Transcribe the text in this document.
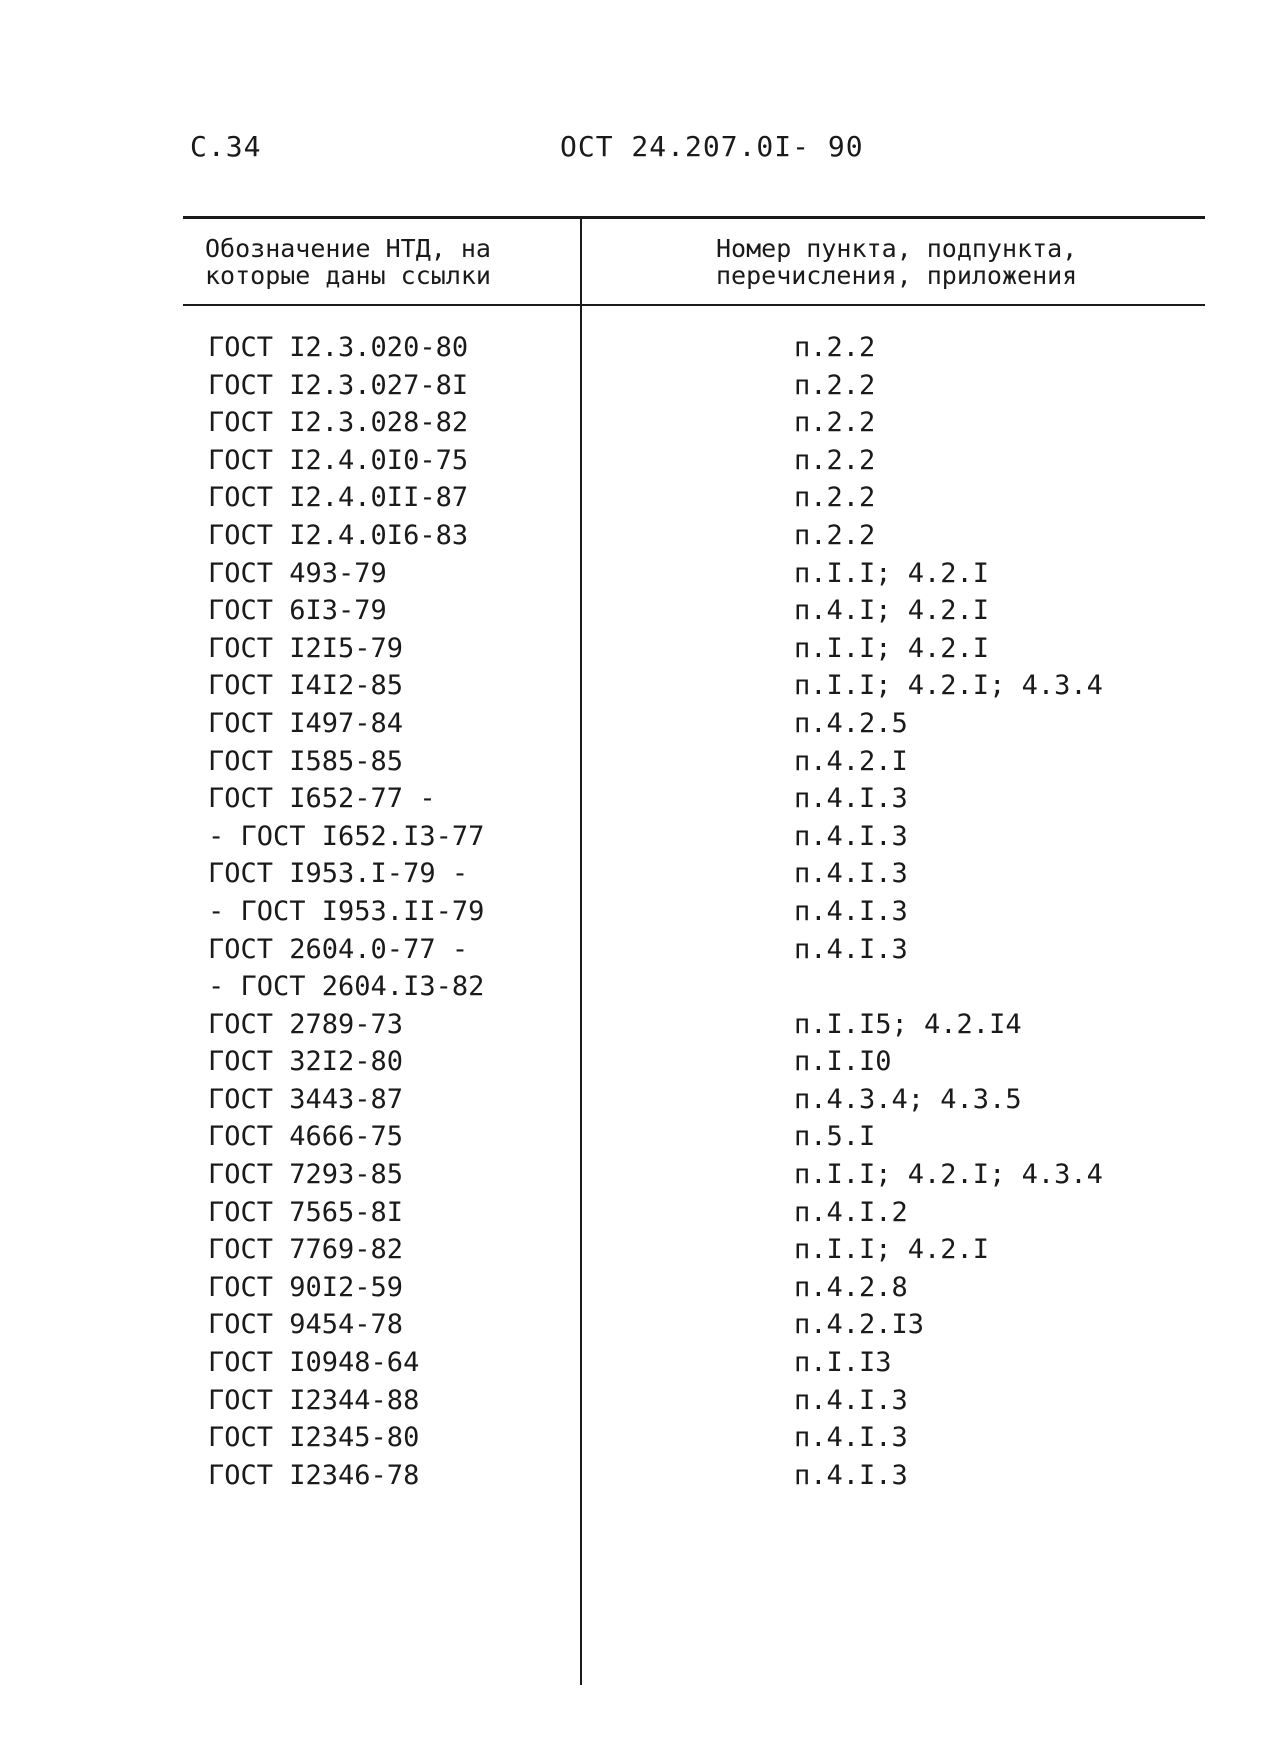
С.34	ОСТ 24.207.0I- 90
Обозначение НТД, на
которые даны ссылки
Номер пункта, подпункта,
перечисления, приложения
ГОСТ I2.3.020-80	п.2.2
ГОСТ I2.3.027-8I	п.2.2
ГОСТ I2.3.028-82	п.2.2
ГОСТ I2.4.0I0-75	п.2.2
ГОСТ I2.4.0II-87	п.2.2
ГОСТ I2.4.0I6-83	п.2.2
ГОСТ 493-79	п.I.I; 4.2.I
ГОСТ 6I3-79	п.4.I; 4.2.I
ГОСТ I2I5-79	п.I.I; 4.2.I
ГОСТ I4I2-85	п.I.I; 4.2.I; 4.3.4
ГОСТ I497-84	п.4.2.5
ГОСТ I585-85	п.4.2.I
ГОСТ I652-77 -	п.4.I.3
- ГОСТ I652.I3-77	п.4.I.3
ГОСТ I953.I-79 -	п.4.I.3
- ГОСТ I953.II-79	п.4.I.3
ГОСТ 2604.0-77 -	п.4.I.3
- ГОСТ 2604.I3-82
ГОСТ 2789-73	п.I.I5; 4.2.I4
ГОСТ 32I2-80	п.I.I0
ГОСТ 3443-87	п.4.3.4; 4.3.5
ГОСТ 4666-75	п.5.I
ГОСТ 7293-85	п.I.I; 4.2.I; 4.3.4
ГОСТ 7565-8I	п.4.I.2
ГОСТ 7769-82	п.I.I; 4.2.I
ГОСТ 90I2-59	п.4.2.8
ГОСТ 9454-78	п.4.2.I3
ГОСТ I0948-64	п.I.I3
ГОСТ I2344-88	п.4.I.3
ГОСТ I2345-80	п.4.I.3
ГОСТ I2346-78	п.4.I.3
